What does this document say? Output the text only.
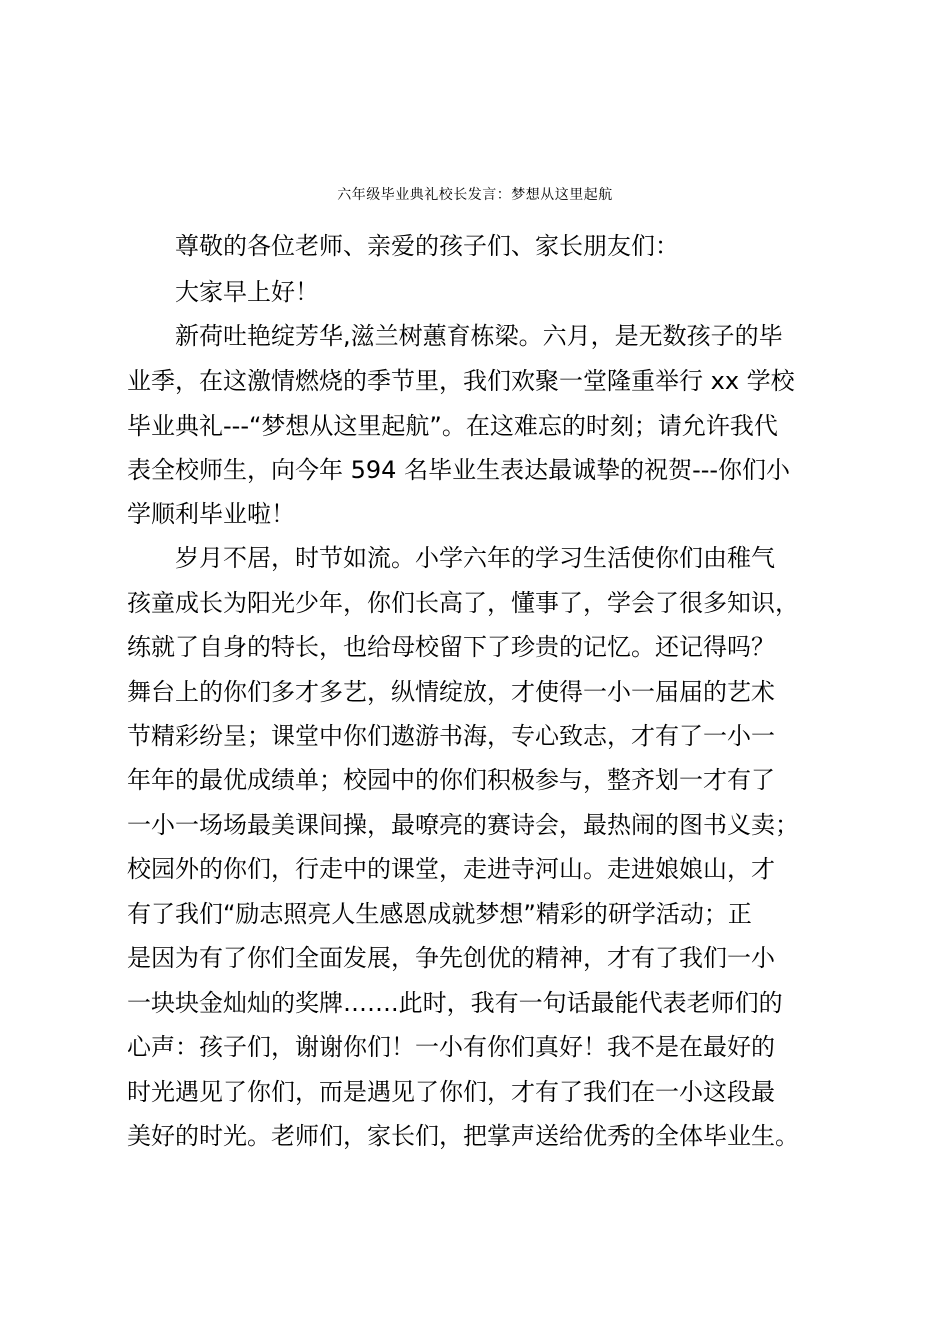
六年级毕业典礼校长发言：梦想从这里起航

尊敬的各位老师、亲爱的孩子们、家长朋友们：

大家早上好！

新荷吐艳绽芳华,滋兰树蕙育栋梁。六月，是无数孩子的毕

业季，在这激情燃烧的季节里，我们欢聚一堂隆重举行 xx 学校

毕业典礼---“梦想从这里起航”。在这难忘的时刻；请允许我代

表全校师生，向今年 594 名毕业生表达最诚挚的祝贺---你们小

学顺利毕业啦！

岁月不居，时节如流。小学六年的学习生活使你们由稚气

孩童成长为阳光少年，你们长高了，懂事了，学会了很多知识，

练就了自身的特长，也给母校留下了珍贵的记忆。还记得吗？

舞台上的你们多才多艺，纵情绽放，才使得一小一届届的艺术

节精彩纷呈；课堂中你们遨游书海，专心致志，才有了一小一

年年的最优成绩单；校园中的你们积极参与，整齐划一才有了

一小一场场最美课间操，最嘹亮的赛诗会，最热闹的图书义卖；

校园外的你们，行走中的课堂，走进寺河山。走进娘娘山，才

有了我们“励志照亮人生感恩成就梦想”精彩的研学活动；正

是因为有了你们全面发展，争先创优的精神，才有了我们一小

一块块金灿灿的奖牌…….此时，我有一句话最能代表老师们的

心声：孩子们，谢谢你们！一小有你们真好！我不是在最好的

时光遇见了你们，而是遇见了你们，才有了我们在一小这段最

美好的时光。老师们，家长们，把掌声送给优秀的全体毕业生。
